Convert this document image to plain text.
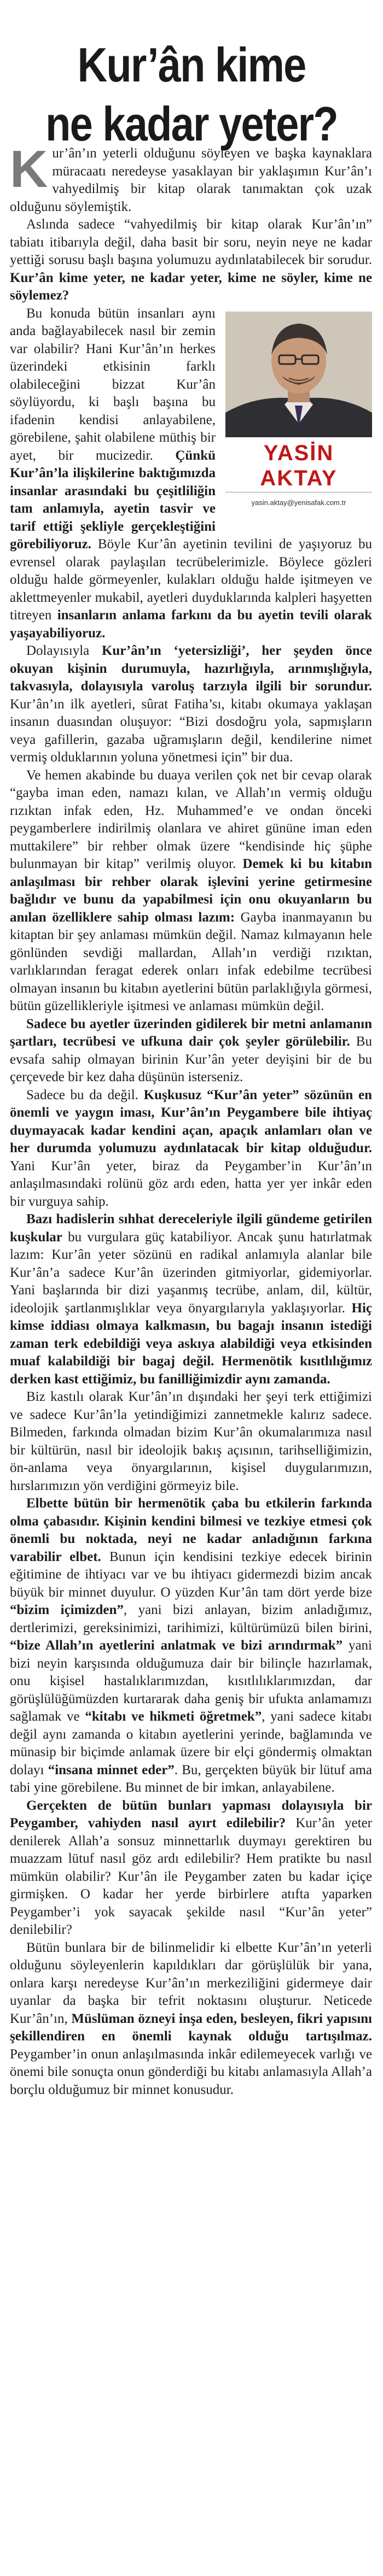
Kur’ân kime
ne kadar yeter?

Kur’ân’ın yeterli olduğunu söyleyen ve başka kaynaklara müracaatı neredeyse yasaklayan bir yaklaşımın Kur’ân’ı vahyedilmiş bir kitap olarak tanımaktan çok uzak olduğunu söylemiştik.

Aslında sadece “vahyedilmiş bir kitap olarak Kur’ân’ın” tabiatı itibarıyla değil, daha basit bir soru, neyin neye ne kadar yettiği sorusu başlı başına yolumuzu aydınlatabilecek bir sorudur. Kur’ân kime yeter, ne kadar yeter, kime ne söyler, kime ne söylemez?

YASİN
AKTAY
yasin.aktay@yenisafak.com.tr

Bu konuda bütün insanları aynı anda bağlayabilecek nasıl bir zemin var olabilir? Hani Kur’ân’ın herkes üzerindeki etkisinin farklı olabileceğini bizzat Kur’ân söylüyordu, ki başlı başına bu ifadenin kendisi anlayabilene, görebilene, şahit olabilene müthiş bir ayet, bir mucizedir. Çünkü Kur’ân’la ilişkilerine baktığımızda insanlar arasındaki bu çeşitliliğin tam anlamıyla, ayetin tasvir ve tarif ettiği şekliyle gerçekleştiğini görebiliyoruz. Böyle Kur’ân ayetinin tevilini de yaşıyoruz bu evrensel olarak paylaşılan tecrübelerimizle. Böylece gözleri olduğu halde görmeyenler, kulakları olduğu halde işitmeyen ve aklettmeyenler mukabil, ayetleri duyduklarında kalpleri haşyetten titreyen insanların anlama farkını da bu ayetin tevili olarak yaşayabiliyoruz.

Dolayısıyla Kur’ân’ın ‘yetersizliği’, her şeyden önce okuyan kişinin durumuyla, hazırlığıyla, arınmışlığıyla, takvasıyla, dolayısıyla varoluş tarzıyla ilgili bir sorundur. Kur’ân’ın ilk ayetleri, sûrat Fatiha’sı, kitabı okumaya yaklaşan insanın duasından oluşuyor: “Bizi dosdoğru yola, sapmışların veya gafillerin, gazaba uğramışların değil, kendilerine nimet vermiş olduklarının yoluna yönetmesi için” bir dua.

Ve hemen akabinde bu duaya verilen çok net bir cevap olarak “gayba iman eden, namazı kılan, ve Allah’ın vermiş olduğu rızıktan infak eden, Hz. Muhammed’e ve ondan önceki peygamberlere indirilmiş olanlara ve ahiret gününe iman eden muttakilere” bir rehber olmak üzere “kendisinde hiç şüphe bulunmayan bir kitap” verilmiş oluyor. Demek ki bu kitabın anlaşılması bir rehber olarak işlevini yerine getirmesine bağlıdır ve bunu da yapabilmesi için onu okuyanların bu anılan özelliklere sahip olması lazım: Gayba inanmayanın bu kitaptan bir şey anlaması mümkün değil. Namaz kılmayanın hele gönlünden sevdiği mallardan, Allah’ın verdiği rızıktan, varlıklarından feragat ederek onları infak edebilme tecrübesi olmayan insanın bu kitabın ayetlerini bütün parlaklığıyla görmesi, bütün güzellikleriyle işitmesi ve anlaması mümkün değil.

Sadece bu ayetler üzerinden gidilerek bir metni anlamanın şartları, tecrübesi ve ufkuna dair çok şeyler görülebilir. Bu evsafa sahip olmayan birinin Kur’ân yeter deyişini bir de bu çerçevede bir kez daha düşünün isterseniz.

Sadece bu da değil. Kuşkusuz “Kur’ân yeter” sözünün en önemli ve yaygın iması, Kur’ân’ın Peygambere bile ihtiyaç duymayacak kadar kendini açan, apaçık anlamları olan ve her durumda yolumuzu aydınlatacak bir kitap olduğudur. Yani Kur’ân yeter, biraz da Peygamber’in Kur’ân’ın anlaşılmasındaki rolünü göz ardı eden, hatta yer yer inkâr eden bir vurguya sahip.

Bazı hadislerin sıhhat dereceleriyle ilgili gündeme getirilen kuşkular bu vurgulara güç katabiliyor. Ancak şunu hatırlatmak lazım: Kur’ân yeter sözünü en radikal anlamıyla alanlar bile Kur’ân’a sadece Kur’ân üzerinden gitmiyorlar, gidemiyorlar. Yani başlarında bir dizi yaşanmış tecrübe, anlam, dil, kültür, ideolojik şartlanmışlıklar veya önyargılarıyla yaklaşıyorlar. Hiç kimse iddiası olmaya kalkmasın, bu bagajı insanın istediği zaman terk edebildiği veya askıya alabildiği veya etkisinden muaf kalabildiği bir bagaj değil. Hermenötik kısıtlılığımız derken kast ettiğimiz, bu fanilliğimizdir aynı zamanda.

Biz kastılı olarak Kur’ân’ın dışındaki her şeyi terk ettiğimizi ve sadece Kur’ân’la yetindiğimizi zannetmekle kalırız sadece. Bilmeden, farkında olmadan bizim Kur’ân okumalarımıza nasıl bir kültürün, nasıl bir ideolojik bakış açısının, tarihselliğimizin, ön-anlama veya önyargılarının, kişisel duygularımızın, hırslarımızın yön verdiğini görmeyiz bile.

Elbette bütün bir hermenötik çaba bu etkilerin farkında olma çabasıdır. Kişinin kendini bilmesi ve tezkiye etmesi çok önemli bu noktada, neyi ne kadar anladığının farkına varabilir elbet. Bunun için kendisini tezkiye edecek birinin eğitimine de ihtiyacı var ve bu ihtiyacı gidermezdi bizim ancak büyük bir minnet duyulur. O yüzden Kur’ân tam dört yerde bize “bizim içimizden”, yani bizi anlayan, bizim anladığımız, dertlerimizi, gereksinimizi, tarihimizi, kültürümüzü bilen birini, “bize Allah’ın ayetlerini anlatmak ve bizi arındırmak” yani bizi neyin karşısında olduğumuza dair bir bilinçle hazırlamak, onu kişisel hastalıklarımızdan, kısıtlılıklarımızdan, dar görüşlülüğümüzden kurtararak daha geniş bir ufukta anlamamızı sağlamak ve “kitabı ve hikmeti öğretmek”, yani sadece kitabı değil aynı zamanda o kitabın ayetlerini yerinde, bağlamında ve münasip bir biçimde anlamak üzere bir elçi göndermiş olmaktan dolayı “insana minnet eder”. Bu, gerçekten büyük bir lütuf ama tabi yine görebilene. Bu minnet de bir imkan, anlayabilene.

Gerçekten de bütün bunları yapması dolayısıyla bir Peygamber, vahiyden nasıl ayırt edilebilir? Kur’ân yeter denilerek Allah’a sonsuz minnettarlık duymayı gerektiren bu muazzam lütuf nasıl göz ardı edilebilir? Hem pratikte bu nasıl mümkün olabilir? Kur’ân ile Peygamber zaten bu kadar içiçe girmişken. O kadar her yerde birbirlere atıfta yaparken Peygamber’i yok sayacak şekilde nasıl “Kur’ân yeter” denilebilir?

Bütün bunlara bir de bilinmelidir ki elbette Kur’ân’ın yeterli olduğunu söyleyenlerin kapıldıkları dar görüşlülük bir yana, onlara karşı neredeyse Kur’ân’ın merkeziliğini gidermeye dair uyanlar da başka bir tefrit noktasını oluşturur. Neticede Kur’ân’ın, Müslüman özneyi inşa eden, besleyen, fikri yapısını şekillendiren en önemli kaynak olduğu tartışılmaz. Peygamber’in onun anlaşılmasında inkâr edilemeyecek varlığı ve önemi bile sonuçta onun gönderdiği bu kitabı anlamasıyla Allah’a borçlu olduğumuz bir minnet konusudur.
